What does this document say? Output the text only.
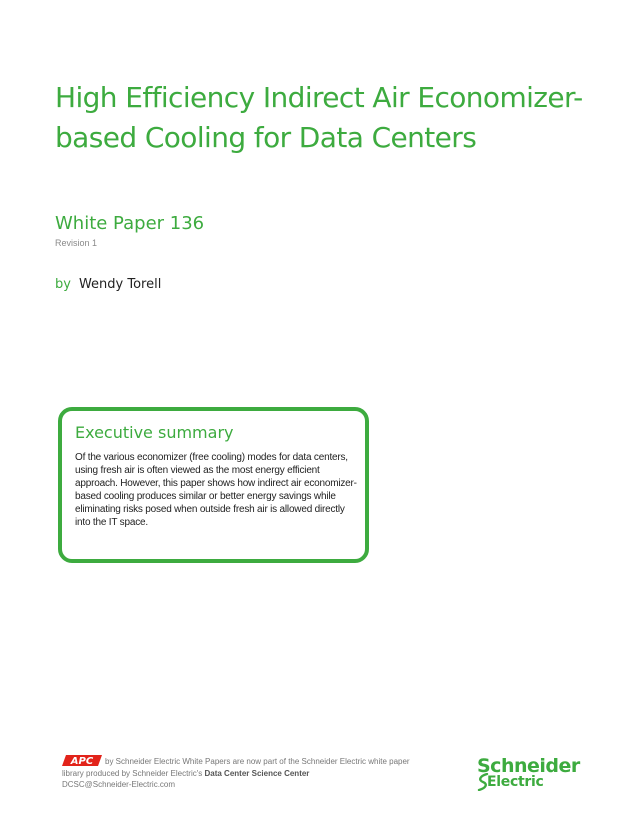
High Efficiency Indirect Air Economizer-based Cooling for Data Centers
White Paper 136
Revision 1
by Wendy Torell
Executive summary
Of the various economizer (free cooling) modes for data centers, using fresh air is often viewed as the most energy efficient approach. However, this paper shows how indirect air economizer-based cooling produces similar or better energy savings while eliminating risks posed when outside fresh air is allowed directly into the IT space.
APC by Schneider Electric White Papers are now part of the Schneider Electric white paper library produced by Schneider Electric's Data Center Science Center
DCSC@Schneider-Electric.com
Schneider
Electric
